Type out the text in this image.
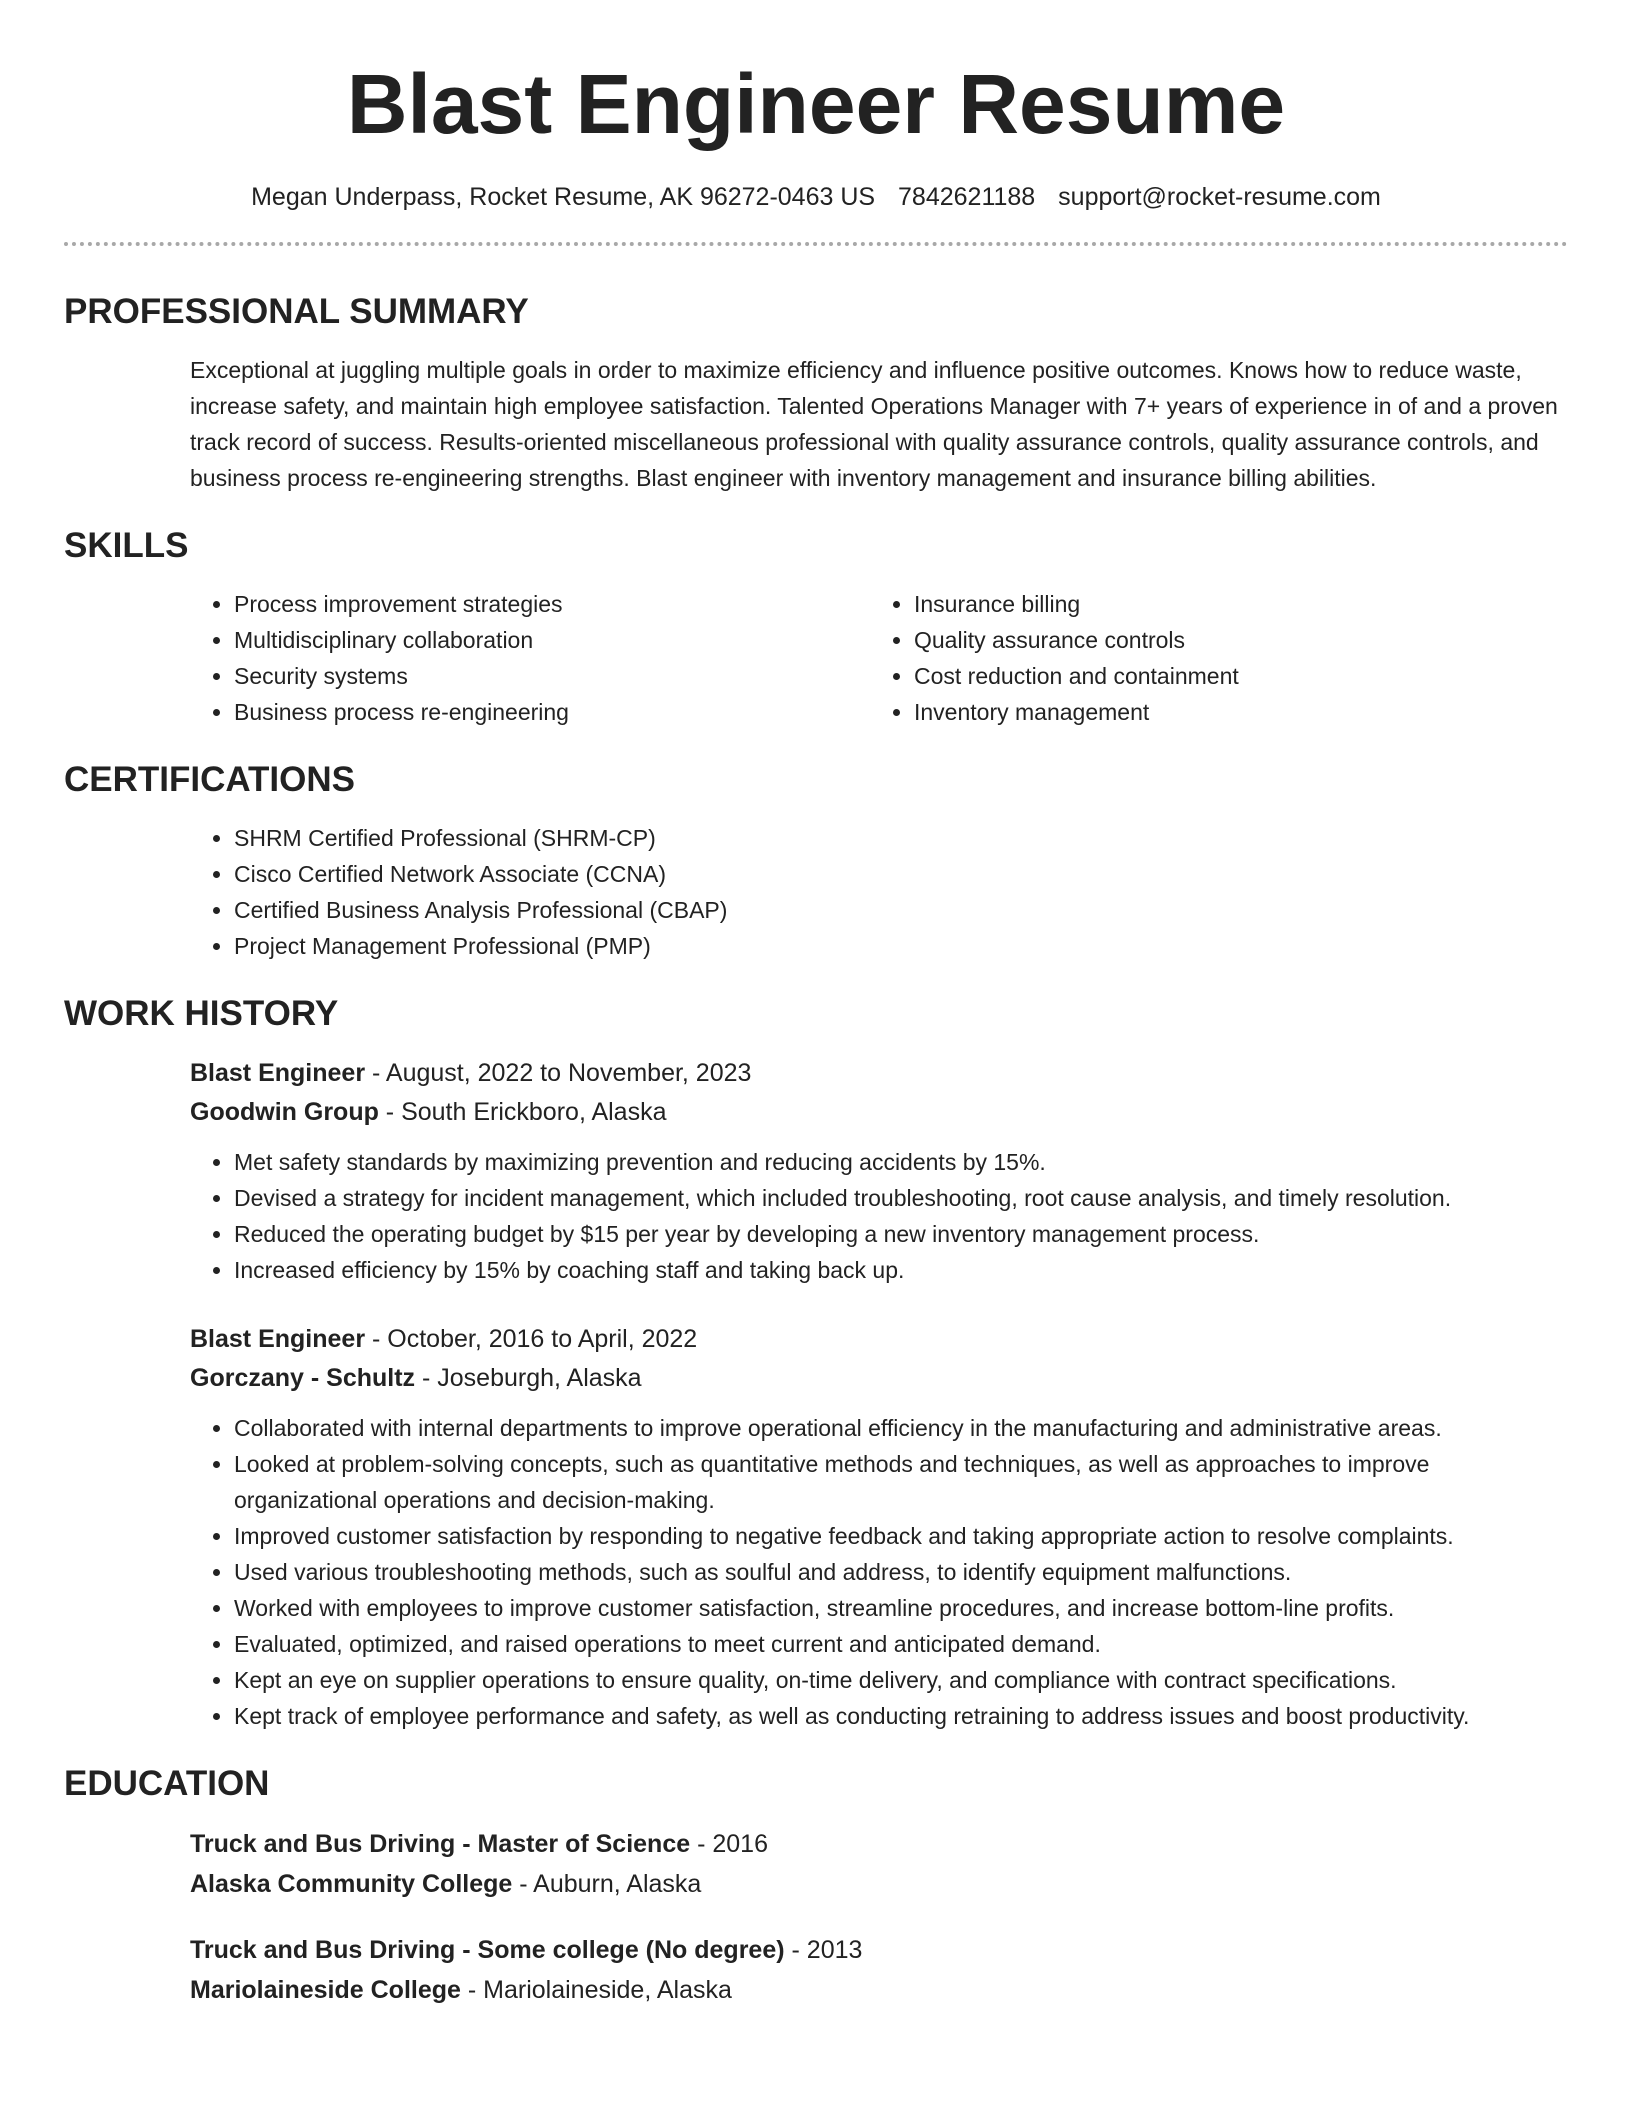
Blast Engineer Resume
Megan Underpass, Rocket Resume, AK 96272-0463 US 7842621188 support@rocket-resume.com
PROFESSIONAL SUMMARY

Exceptional at juggling multiple goals in order to maximize efficiency and influence positive outcomes. Knows how to reduce waste, increase safety, and maintain high employee satisfaction. Talented Operations Manager with 7+ years of experience in of and a proven track record of success. Results-oriented miscellaneous professional with quality assurance controls, quality assurance controls, and business process re-engineering strengths. Blast engineer with inventory management and insurance billing abilities.

SKILLS
• Process improvement strategies
• Multidisciplinary collaboration
• Security systems
• Business process re-engineering
• Insurance billing
• Quality assurance controls
• Cost reduction and containment
• Inventory management
CERTIFICATIONS
• SHRM Certified Professional (SHRM-CP)
• Cisco Certified Network Associate (CCNA)
• Certified Business Analysis Professional (CBAP)
• Project Management Professional (PMP)
WORK HISTORY
Blast Engineer - August, 2022 to November, 2023
Goodwin Group - South Erickboro, Alaska
• Met safety standards by maximizing prevention and reducing accidents by 15%.
• Devised a strategy for incident management, which included troubleshooting, root cause analysis, and timely resolution.
• Reduced the operating budget by $15 per year by developing a new inventory management process.
• Increased efficiency by 15% by coaching staff and taking back up.
Blast Engineer - October, 2016 to April, 2022
Gorczany - Schultz - Joseburgh, Alaska
• Collaborated with internal departments to improve operational efficiency in the manufacturing and administrative areas.
• Looked at problem-solving concepts, such as quantitative methods and techniques, as well as approaches to improve organizational operations and decision-making.
• Improved customer satisfaction by responding to negative feedback and taking appropriate action to resolve complaints.
• Used various troubleshooting methods, such as soulful and address, to identify equipment malfunctions.
• Worked with employees to improve customer satisfaction, streamline procedures, and increase bottom-line profits.
• Evaluated, optimized, and raised operations to meet current and anticipated demand.
• Kept an eye on supplier operations to ensure quality, on-time delivery, and compliance with contract specifications.
• Kept track of employee performance and safety, as well as conducting retraining to address issues and boost productivity.
EDUCATION
Truck and Bus Driving - Master of Science - 2016
Alaska Community College - Auburn, Alaska
Truck and Bus Driving - Some college (No degree) - 2013
Mariolaineside College - Mariolaineside, Alaska
